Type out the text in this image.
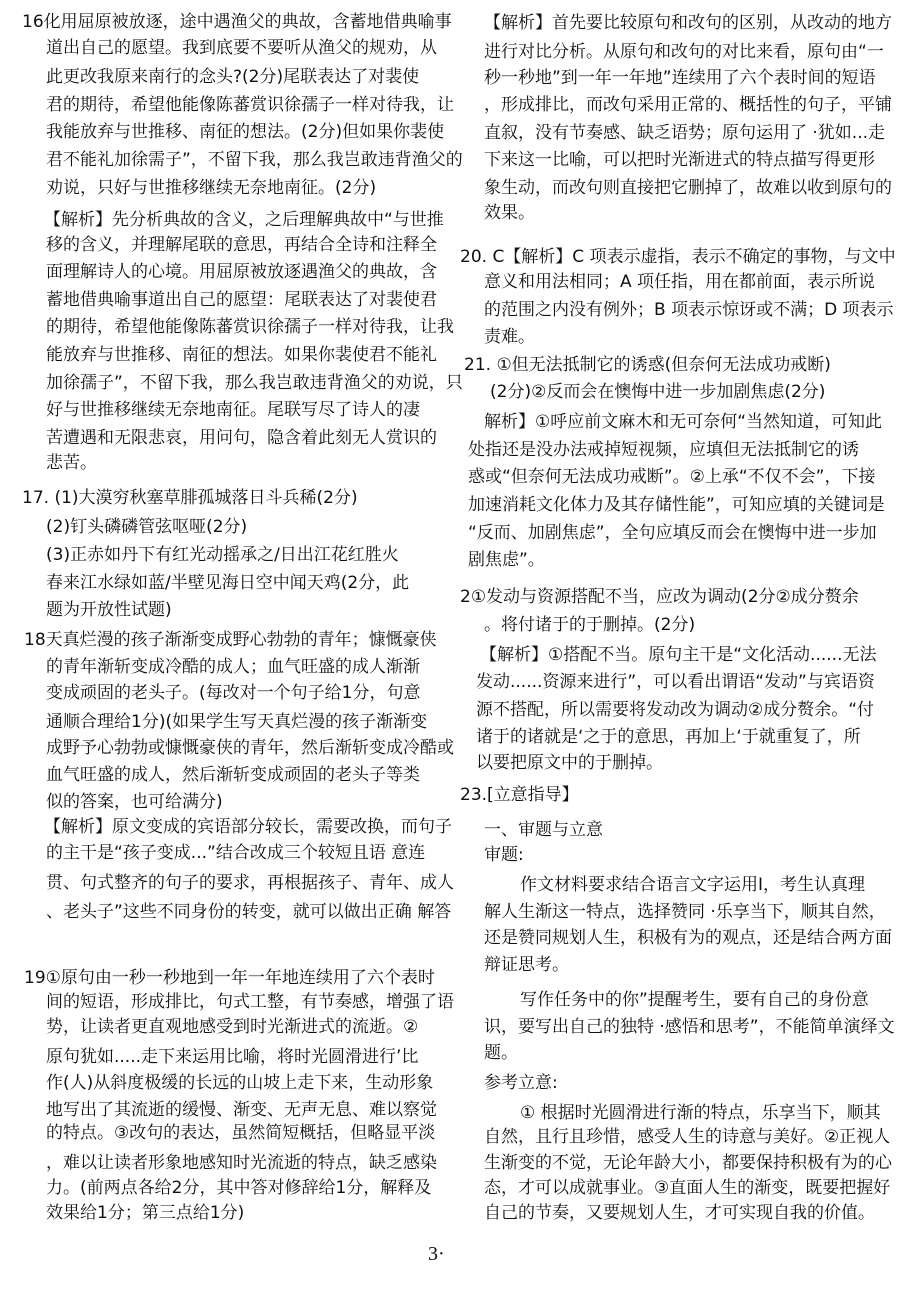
16化用屈原被放逐，途中遇渔父的典故，含蓄地借典喻事
道出自己的愿望。我到底要不要听从渔父的规劝，从
此更改我原来南行的念头?(2分)尾联表达了对裴使
君的期待，希望他能像陈蕃赏识徐孺子一样对待我，让
我能放弃与世推移、南征的想法。(2分)但如果你裴使
君不能礼加徐需子”，不留下我，那么我岂敢违背渔父的
劝说，只好与世推移继续无奈地南征。(2分)
【解析】先分析典故的含义，之后理解典故中“与世推
移的含义，并理解尾联的意思，再结合全诗和注释全
面理解诗人的心境。用屈原被放逐遇渔父的典故，含
蓄地借典喻事道出自己的愿望：尾联表达了对裴使君
的期待，希望他能像陈蕃赏识徐孺子一样对待我，让我
能放弃与世推移、南征的想法。如果你裴使君不能礼
加徐孺子”，不留下我，那么我岂敢违背渔父的劝说，只
好与世推移继续无奈地南征。尾联写尽了诗人的凄
苦遭遇和无限悲哀，用问句，隐含着此刻无人赏识的
悲苦。
17. (1)大漠穷秋塞草腓孤城落日斗兵稀(2分)
(2)钉头磷磷管弦呕哑(2分)
(3)正赤如丹下有红光动摇承之/日出江花红胜火
春来江水绿如蓝/半壁见海日空中闻天鸡(2分，此
题为开放性试题)
18天真烂漫的孩子渐渐变成野心勃勃的青年；慷慨豪侠
的青年渐斩变成冷酷的成人；血气旺盛的成人渐渐
变成顽固的老头子。(每改对一个句子给1分，句意
通顺合理给1分)(如果学生写天真烂漫的孩子渐渐变
成野予心勃勃或慷慨豪侠的青年，然后渐斩变成冷酷或
血气旺盛的成人，然后渐斩变成顽固的老头子等类
似的答案，也可给满分)
【解析】原文变成的宾语部分较长，需要改换，而句子
的主干是“孩子变成...”结合改成三个较短且语 意连
贯、句式整齐的句子的要求，再根据孩子、青年、成人
、老头子”这些不同身份的转变，就可以做出正确 解答
19①原句由一秒一秒地到一年一年地连续用了六个表时
间的短语，形成排比，句式工整，有节奏感，增强了语
势，让读者更直观地感受到时光渐进式的流逝。②
原句犹如.....走下来运用比喻，将时光圆滑进行’比
作(人)从斜度极缓的长远的山坡上走下来，生动形象
地写出了其流逝的缓慢、渐变、无声无息、难以察觉
的特点。③改句的表达，虽然简短概括，但略显平淡
，难以让读者形象地感知时光流逝的特点，缺乏感染
力。(前两点各给2分，其中答对修辞给1分，解释及
效果给1分；第三点给1分)
【解析】首先要比较原句和改句的区别，从改动的地方
进行对比分析。从原句和改句的对比来看，原句由“一
秒一秒地”到一年一年地”连续用了六个表时间的短语
，形成排比，而改句采用正常的、概括性的句子，平铺
直叙，没有节奏感、缺乏语势；原句运用了 ·犹如...走
下来这一比喻，可以把时光渐进式的特点描写得更形
象生动，而改句则直接把它删掉了，故难以收到原句的
效果。
20. C【解析】C 项表示虚指，表示不确定的事物，与文中
意义和用法相同；A 项任指，用在都前面，表示所说
的范围之内没有例外；B 项表示惊讶或不满；D 项表示
责难。
21. ①但无法抵制它的诱惑(但奈何无法成功戒断)
(2分)②反而会在懊悔中进一步加剧焦虑(2分)
解析】①呼应前文麻木和无可奈何“当然知道，可知此
处指还是没办法戒掉短视频，应填但无法抵制它的诱
惑或“但奈何无法成功戒断”。②上承“不仅不会”，下接
加速消耗文化体力及其存储性能”，可知应填的关键词是
“反而、加剧焦虑”，全句应填反而会在懊悔中进一步加
剧焦虑”。
2①发动与资源搭配不当，应改为调动(2分②成分赘余
。将付诸于的于删掉。(2分)
【解析】①搭配不当。原句主干是“文化活动......无法
发动......资源来进行”，可以看出谓语“发动”与宾语资
源不搭配，所以需要将发动改为调动②成分赘余。“付
诸于的诸就是‘之于的意思，再加上‘于就重复了，所
以要把原文中的于删掉。
23.[立意指导】
一、审题与立意
审题:
作文材料要求结合语言文字运用I，考生认真理
解人生渐这一特点，选择赞同 ·乐享当下，顺其自然，
还是赞同规划人生，积极有为的观点，还是结合两方面
辩证思考。
写作任务中的你”提醒考生，要有自己的身份意
识，要写出自己的独特 ·感悟和思考”，不能简单演绎文
题。
参考立意:
① 根据时光圆滑进行渐的特点，乐享当下，顺其
自然，且行且珍惜，感受人生的诗意与美好。②正视人
生渐变的不觉，无论年龄大小，都要保持积极有为的心
态，才可以成就事业。③直面人生的渐变，既要把握好
自己的节奏，又要规划人生，才可实现自我的价值。
3·
